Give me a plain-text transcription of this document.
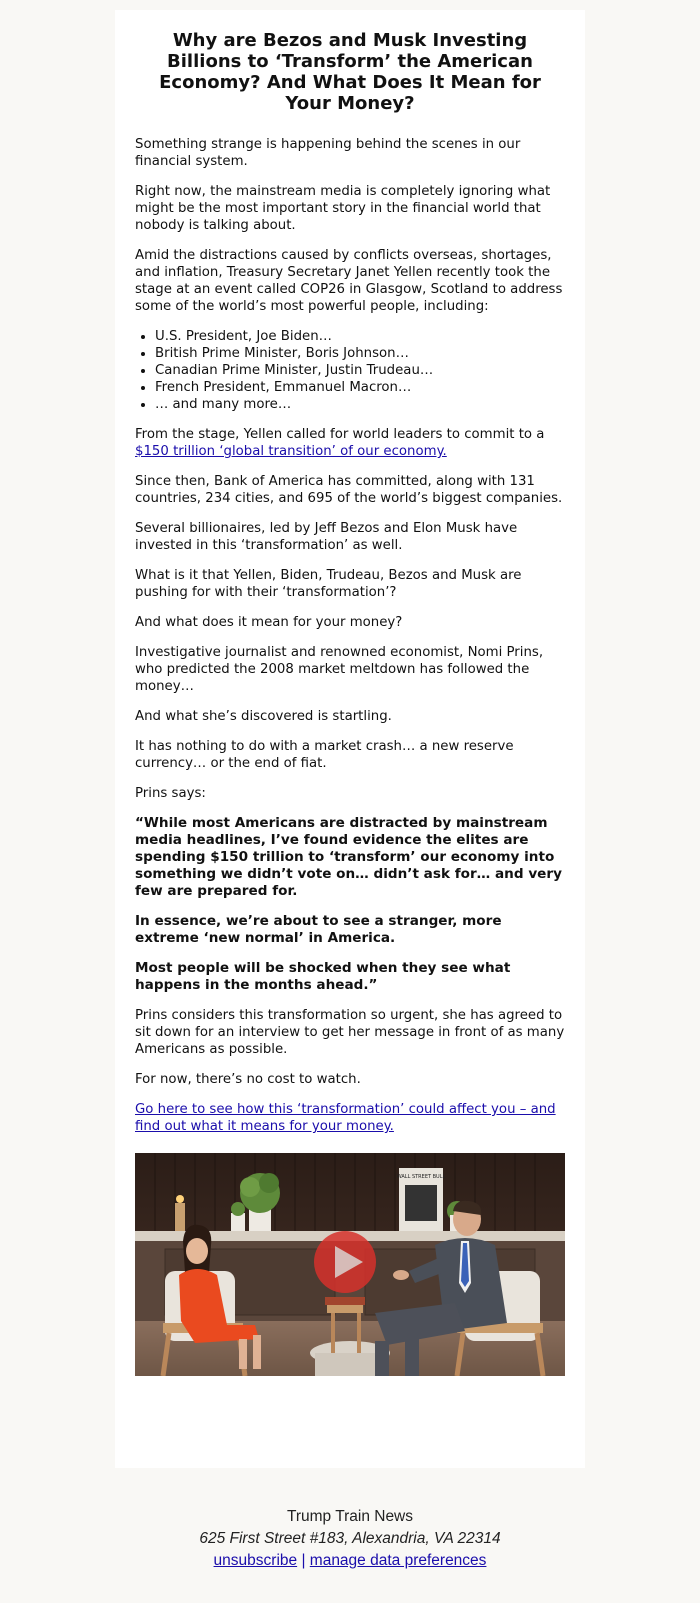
Why are Bezos and Musk Investing Billions to ‘Transform’ the American Economy? And What Does It Mean for Your Money?

Something strange is happening behind the scenes in our financial system.

Right now, the mainstream media is completely ignoring what might be the most important story in the financial world that nobody is talking about.

Amid the distractions caused by conflicts overseas, shortages, and inflation, Treasury Secretary Janet Yellen recently took the stage at an event called COP26 in Glasgow, Scotland to address some of the world’s most powerful people, including:

• U.S. President, Joe Biden…
• British Prime Minister, Boris Johnson…
• Canadian Prime Minister, Justin Trudeau…
• French President, Emmanuel Macron…
• … and many more…

From the stage, Yellen called for world leaders to commit to a $150 trillion ‘global transition’ of our economy.

Since then, Bank of America has committed, along with 131 countries, 234 cities, and 695 of the world’s biggest companies.

Several billionaires, led by Jeff Bezos and Elon Musk have invested in this ‘transformation’ as well.

What is it that Yellen, Biden, Trudeau, Bezos and Musk are pushing for with their ‘transformation’?

And what does it mean for your money?

Investigative journalist and renowned economist, Nomi Prins, who predicted the 2008 market meltdown has followed the money…

And what she’s discovered is startling.

It has nothing to do with a market crash… a new reserve currency… or the end of fiat.

Prins says:

“While most Americans are distracted by mainstream media headlines, I’ve found evidence the elites are spending $150 trillion to ‘transform’ our economy into something we didn’t vote on… didn’t ask for… and very few are prepared for.

In essence, we’re about to see a stranger, more extreme ‘new normal’ in America.

Most people will be shocked when they see what happens in the months ahead.”

Prins considers this transformation so urgent, she has agreed to sit down for an interview to get her message in front of as many Americans as possible.

For now, there’s no cost to watch.

Go here to see how this ‘transformation’ could affect you – and find out what it means for your money.

WALL STREET BULL
Trump Train News
625 First Street #183, Alexandria, VA 22314
unsubscribe | manage data preferences
